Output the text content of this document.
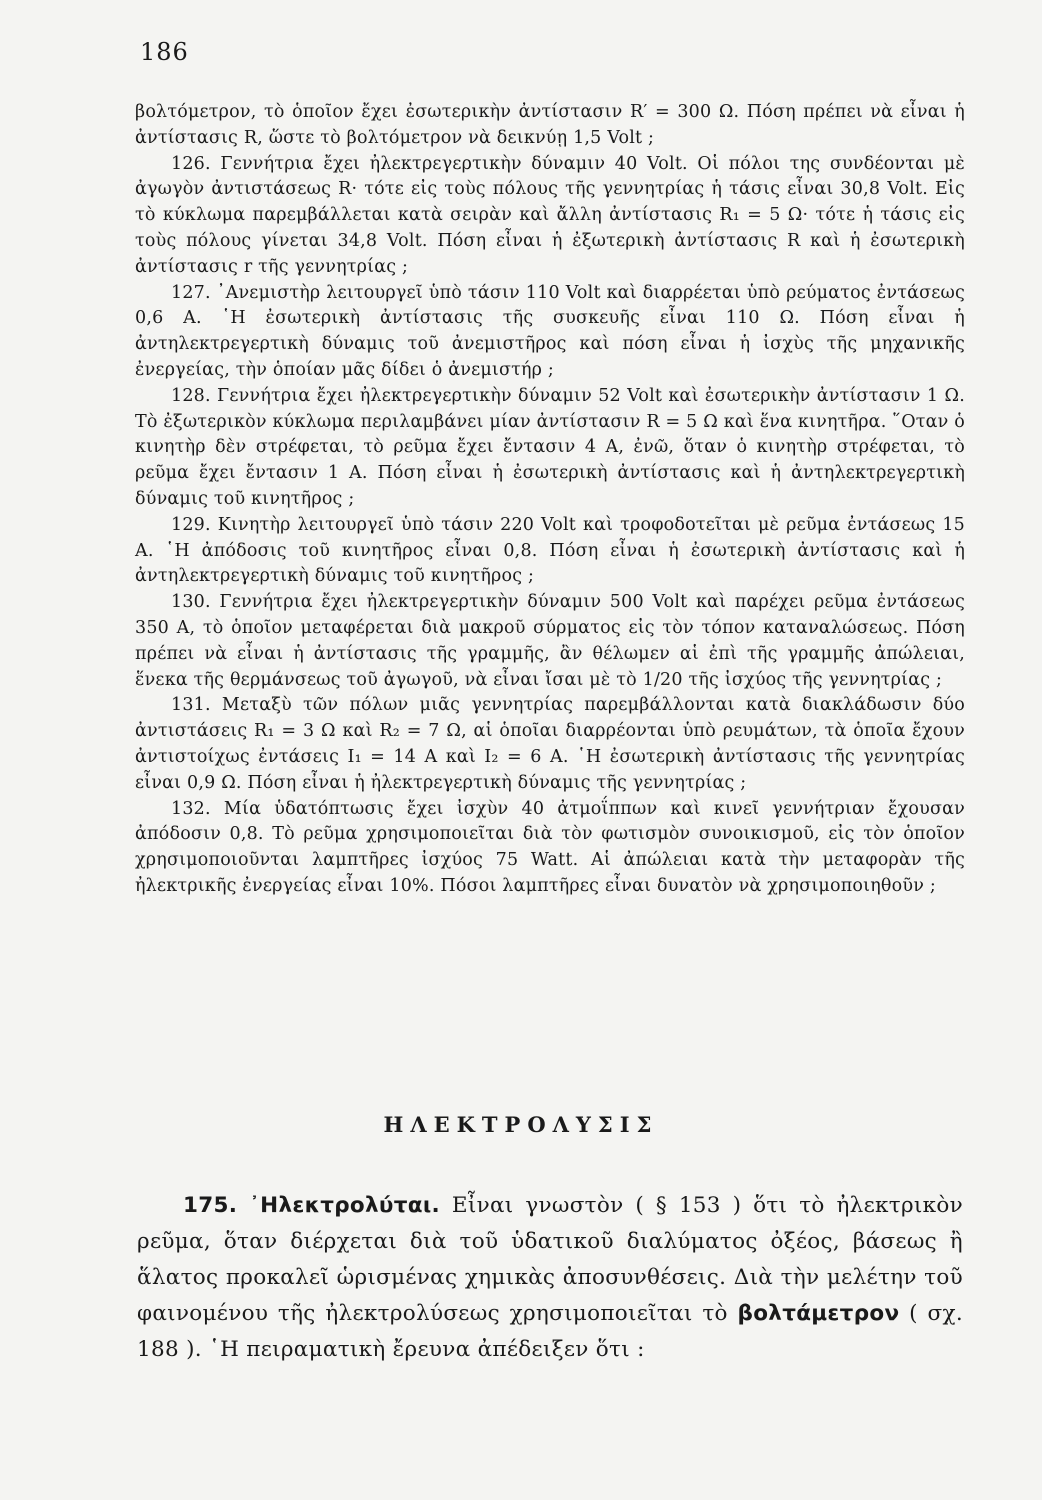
186

βολτόμετρον, τὸ ὁποῖον ἔχει ἐσωτερικὴν ἀντίστασιν R′ = 300 Ω. Πόση πρέπει νὰ εἶναι ἡ ἀντίστασις R, ὥστε τὸ βολτόμετρον νὰ δεικνύῃ 1,5 Volt ;

126. Γεννήτρια ἔχει ἠλεκτρεγερτικὴν δύναμιν 40 Volt. Οἱ πόλοι της συνδέονται μὲ ἀγωγὸν ἀντιστάσεως R· τότε εἰς τοὺς πόλους τῆς γεννητρίας ἡ τάσις εἶναι 30,8 Volt. Εἰς τὸ κύκλωμα παρεμβάλλεται κατὰ σειρὰν καὶ ἄλλη ἀντίστασις R₁ = 5 Ω· τότε ἡ τάσις εἰς τοὺς πόλους γίνεται 34,8 Volt. Πόση εἶναι ἡ ἐξωτερικὴ ἀντίστασις R καὶ ἡ ἐσωτερικὴ ἀντίστασις r τῆς γεννητρίας ;

127. ᾿Ανεμιστὴρ λειτουργεῖ ὑπὸ τάσιν 110 Volt καὶ διαρρέεται ὑπὸ ρεύματος ἐντάσεως 0,6 Α. ῾Η ἐσωτερικὴ ἀντίστασις τῆς συσκευῆς εἶναι 110 Ω. Πόση εἶναι ἡ ἀντηλεκτρεγερτικὴ δύναμις τοῦ ἀνεμιστῆρος καὶ πόση εἶναι ἡ ἰσχὺς τῆς μηχανικῆς ἐνεργείας, τὴν ὁποίαν μᾶς δίδει ὁ ἀνεμιστήρ ;

128. Γεννήτρια ἔχει ἠλεκτρεγερτικὴν δύναμιν 52 Volt καὶ ἐσωτερικὴν ἀντίστασιν 1 Ω. Τὸ ἐξωτερικὸν κύκλωμα περιλαμβάνει μίαν ἀντίστασιν R = 5 Ω καὶ ἕνα κινητῆρα. ῞Οταν ὁ κινητὴρ δὲν στρέφεται, τὸ ρεῦμα ἔχει ἔντασιν 4 Α, ἐνῶ, ὅταν ὁ κινητὴρ στρέφεται, τὸ ρεῦμα ἔχει ἔντασιν 1 Α. Πόση εἶναι ἡ ἐσωτερικὴ ἀντίστασις καὶ ἡ ἀντηλεκτρεγερτικὴ δύναμις τοῦ κινητῆρος ;

129. Κινητὴρ λειτουργεῖ ὑπὸ τάσιν 220 Volt καὶ τροφοδοτεῖται μὲ ρεῦμα ἐντάσεως 15 Α. ῾Η ἀπόδοσις τοῦ κινητῆρος εἶναι 0,8. Πόση εἶναι ἡ ἐσωτερικὴ ἀντίστασις καὶ ἡ ἀντηλεκτρεγερτικὴ δύναμις τοῦ κινητῆρος ;

130. Γεννήτρια ἔχει ἠλεκτρεγερτικὴν δύναμιν 500 Volt καὶ παρέχει ρεῦμα ἐντάσεως 350 Α, τὸ ὁποῖον μεταφέρεται διὰ μακροῦ σύρματος εἰς τὸν τόπον καταναλώσεως. Πόση πρέπει νὰ εἶναι ἡ ἀντίστασις τῆς γραμμῆς, ἂν θέλωμεν αἱ ἐπὶ τῆς γραμμῆς ἀπώλειαι, ἕνεκα τῆς θερμάνσεως τοῦ ἀγωγοῦ, νὰ εἶναι ἴσαι μὲ τὸ 1/20 τῆς ἰσχύος τῆς γεννητρίας ;

131. Μεταξὺ τῶν πόλων μιᾶς γεννητρίας παρεμβάλλονται κατὰ διακλάδωσιν δύο ἀντιστάσεις R₁ = 3 Ω καὶ R₂ = 7 Ω, αἱ ὁποῖαι διαρρέονται ὑπὸ ρευμάτων, τὰ ὁποῖα ἔχουν ἀντιστοίχως ἐντάσεις I₁ = 14 Α καὶ I₂ = 6 Α. ῾Η ἐσωτερικὴ ἀντίστασις τῆς γεννητρίας εἶναι 0,9 Ω. Πόση εἶναι ἡ ἠλεκτρεγερτικὴ δύναμις τῆς γεννητρίας ;

132. Μία ὑδατόπτωσις ἔχει ἰσχὺν 40 ἀτμοΐππων καὶ κινεῖ γεννήτριαν ἔχουσαν ἀπόδοσιν 0,8. Τὸ ρεῦμα χρησιμοποιεῖται διὰ τὸν φωτισμὸν συνοικισμοῦ, εἰς τὸν ὁποῖον χρησιμοποιοῦνται λαμπτῆρες ἰσχύος 75 Watt. Αἱ ἀπώλειαι κατὰ τὴν μεταφορὰν τῆς ἠλεκτρικῆς ἐνεργείας εἶναι 10%. Πόσοι λαμπτῆρες εἶναι δυνατὸν νὰ χρησιμοποιηθοῦν ;

ΗΛΕΚΤΡΟΛΥΣΙΣ

175. ᾿Ηλεκτρολύται. Εἶναι γνωστὸν ( § 153 ) ὅτι τὸ ἠλεκτρικὸν ρεῦμα, ὅταν διέρχεται διὰ τοῦ ὑδατικοῦ διαλύματος ὀξέος, βάσεως ἢ ἅλατος προκαλεῖ ὡρισμένας χημικὰς ἀποσυνθέσεις. Διὰ τὴν μελέτην τοῦ φαινομένου τῆς ἠλεκτρολύσεως χρησιμοποιεῖται τὸ βολτάμετρον ( σχ. 188 ). ῾Η πειραματικὴ ἔρευνα ἀπέδειξεν ὅτι :
